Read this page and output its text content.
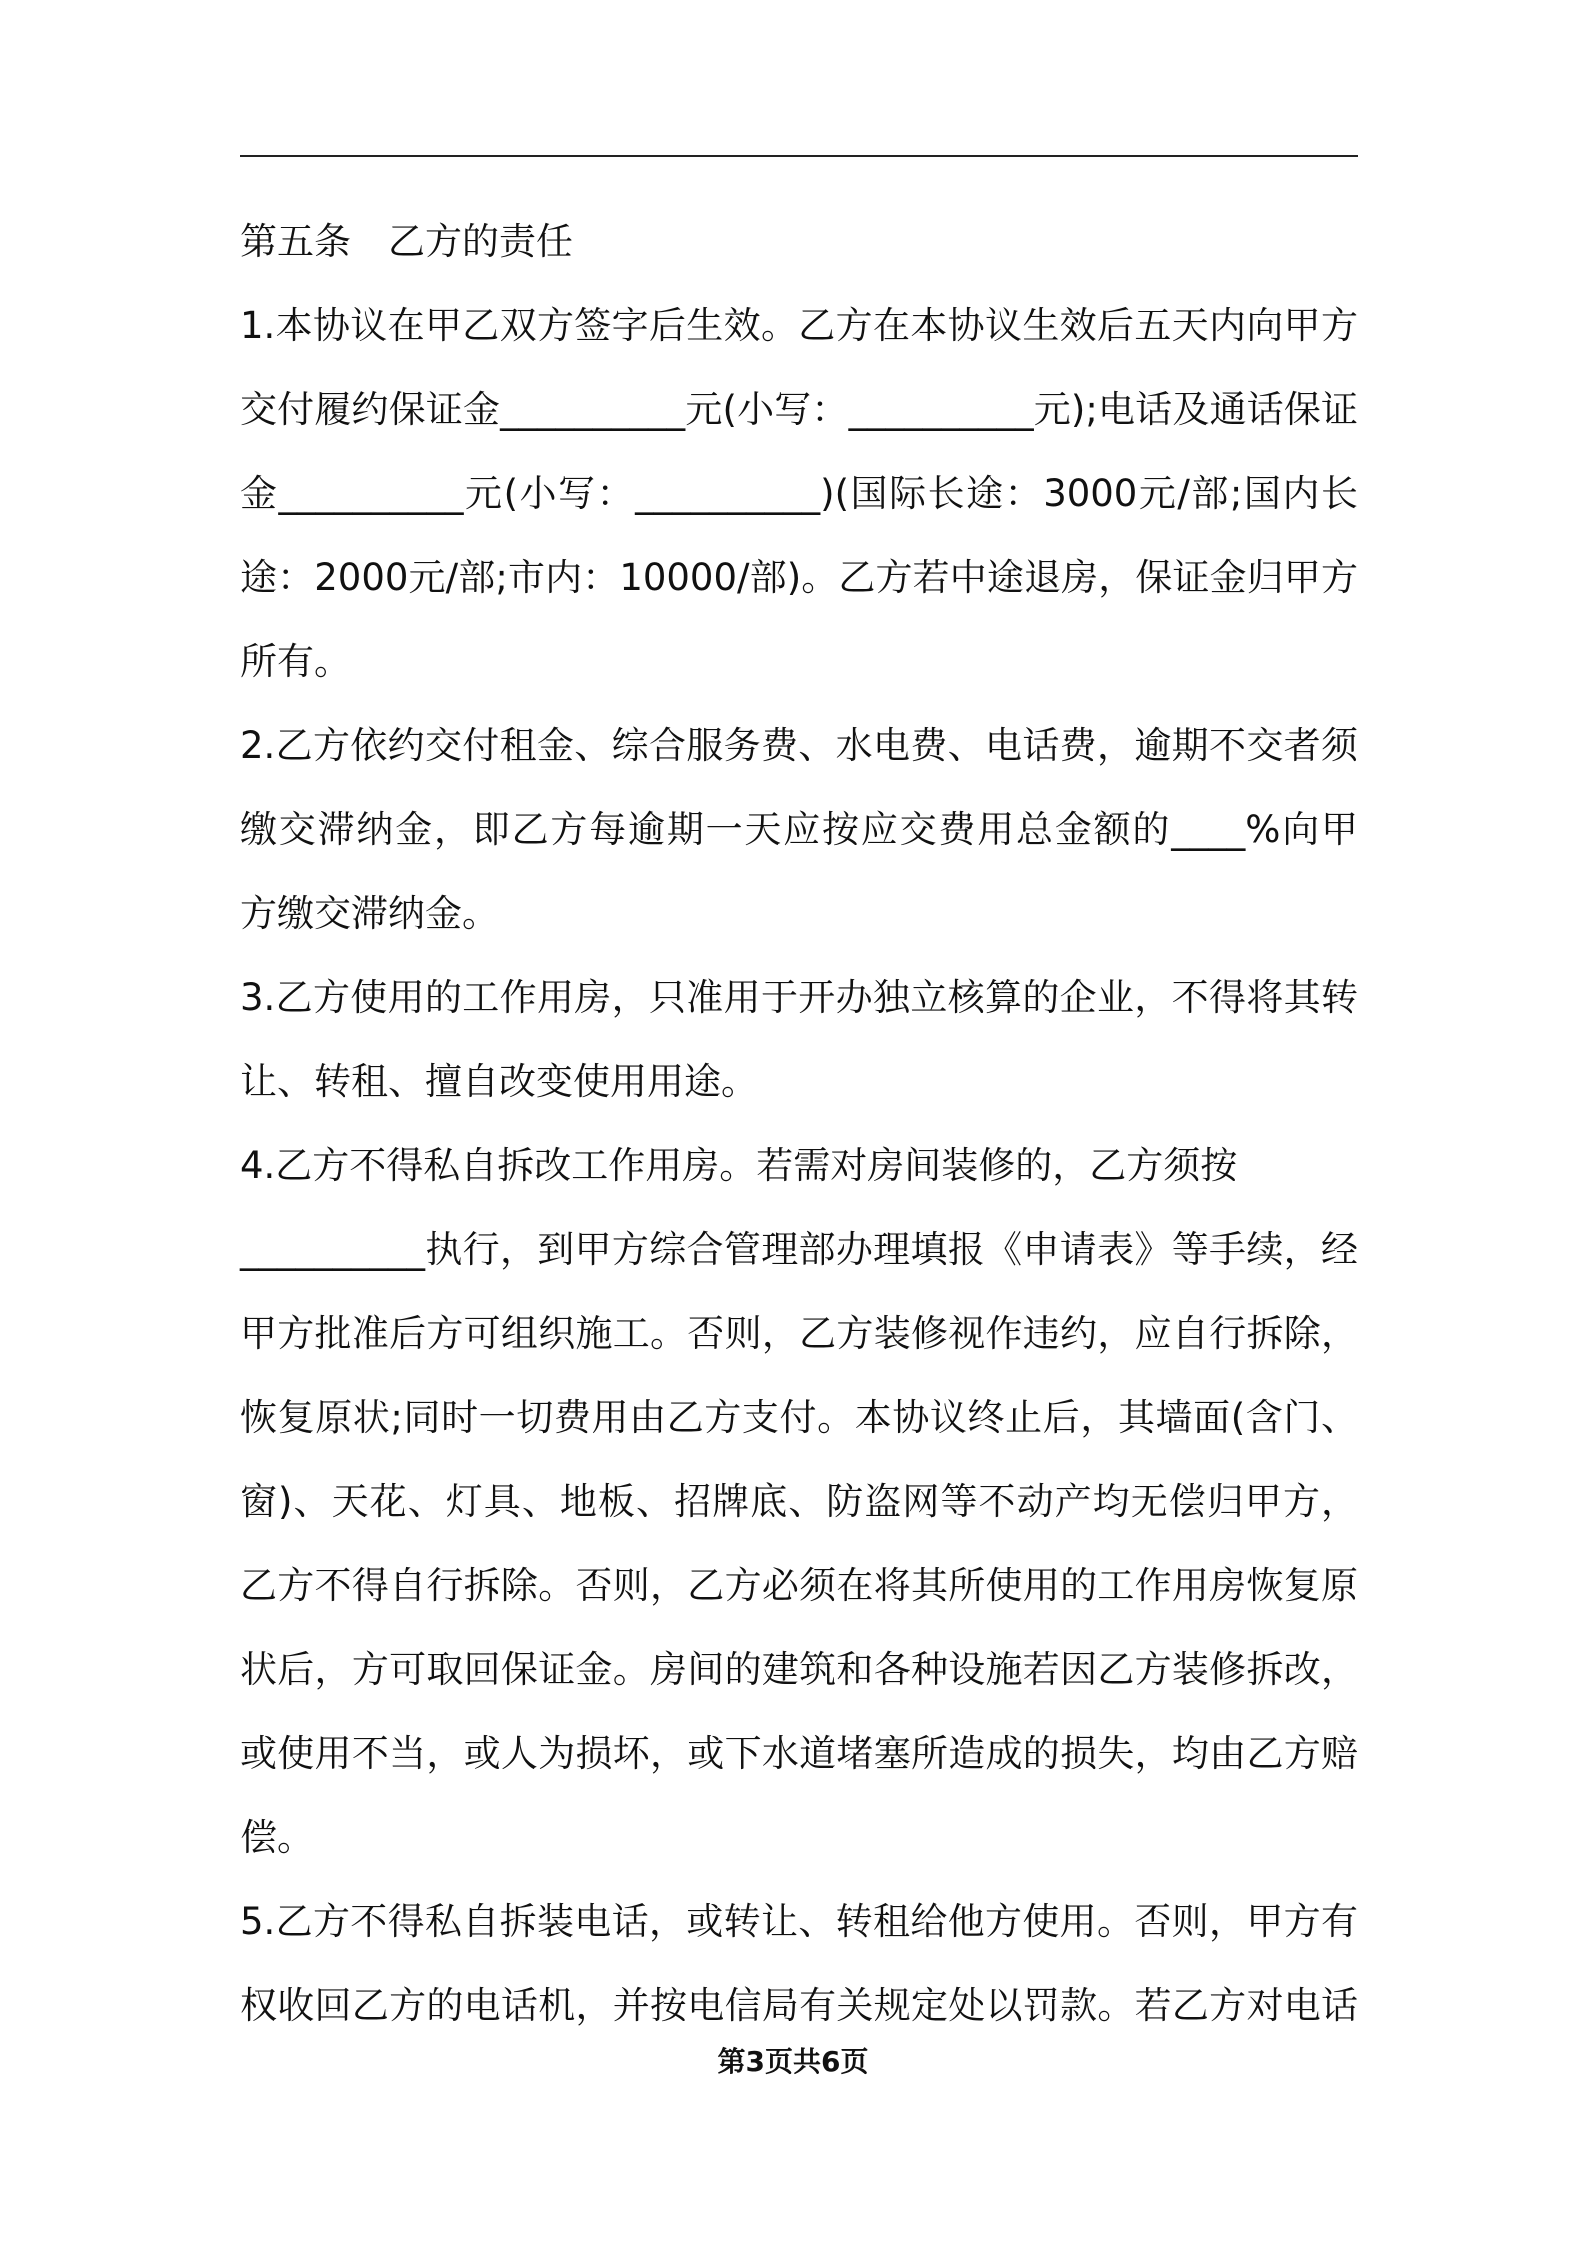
第五条　乙方的责任
1.本协议在甲乙双方签字后生效。乙方在本协议生效后五天内向甲方
交付履约保证金__________元(小写：__________元);电话及通话保证
金__________元(小写：__________)(国际长途：3000元/部;国内长
途：2000元/部;市内：10000/部)。乙方若中途退房，保证金归甲方
所有。
2.乙方依约交付租金、综合服务费、水电费、电话费，逾期不交者须
缴交滞纳金，即乙方每逾期一天应按应交费用总金额的____%向甲
方缴交滞纳金。
3.乙方使用的工作用房，只准用于开办独立核算的企业，不得将其转
让、转租、擅自改变使用用途。
4.乙方不得私自拆改工作用房。若需对房间装修的，乙方须按
__________执行，到甲方综合管理部办理填报《申请表》等手续，经
甲方批准后方可组织施工。否则，乙方装修视作违约，应自行拆除，
恢复原状;同时一切费用由乙方支付。本协议终止后，其墙面(含门、
窗)、天花、灯具、地板、招牌底、防盗网等不动产均无偿归甲方，
乙方不得自行拆除。否则，乙方必须在将其所使用的工作用房恢复原
状后，方可取回保证金。房间的建筑和各种设施若因乙方装修拆改，
或使用不当，或人为损坏，或下水道堵塞所造成的损失，均由乙方赔
偿。
5.乙方不得私自拆装电话，或转让、转租给他方使用。否则，甲方有
权收回乙方的电话机，并按电信局有关规定处以罚款。若乙方对电话
第3页共6页
